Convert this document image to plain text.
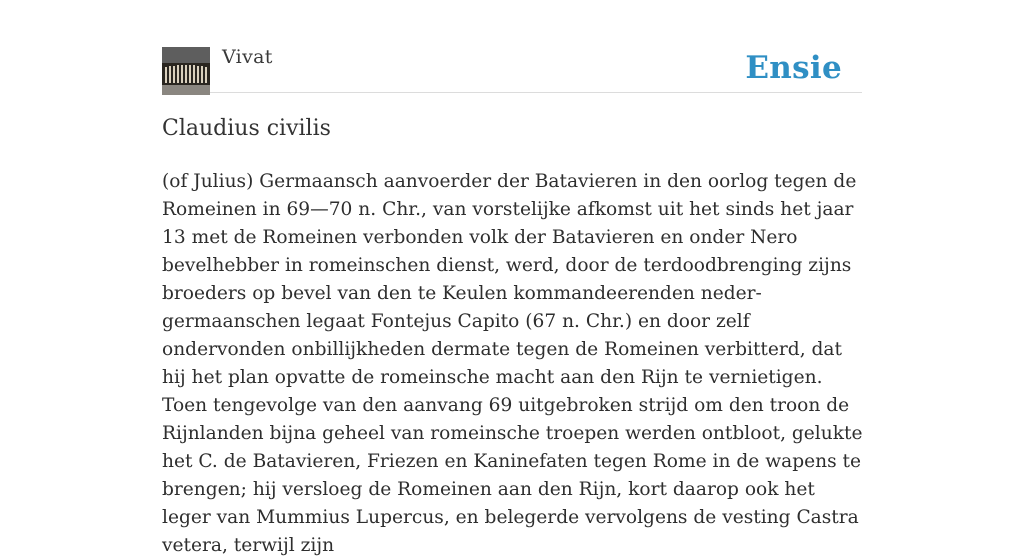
Vivat	Ensie
Claudius civilis

(of Julius) Germaansch aanvoerder der Batavieren in den oorlog tegen de Romeinen in 69—70 n. Chr., van vorstelijke afkomst uit het sinds het jaar 13 met de Romeinen verbonden volk der Batavieren en onder Nero bevelhebber in romeinschen dienst, werd, door de terdoodbrenging zijns broeders op bevel van den te Keulen kommandeerenden neder-germaanschen legaat Fontejus Capito (67 n. Chr.) en door zelf ondervonden onbillijkheden dermate tegen de Romeinen verbitterd, dat hij het plan opvatte de romeinsche macht aan den Rijn te vernietigen. Toen tengevolge van den aanvang 69 uitgebroken strijd om den troon de Rijnlanden bijna geheel van romeinsche troepen werden ontbloot, gelukte het C. de Batavieren, Friezen en Kaninefaten tegen Rome in de wapens te brengen; hij versloeg de Romeinen aan den Rijn, kort daarop ook het leger van Mummius Lupercus, en belegerde vervolgens de vesting Castra vetera, terwijl zijn
